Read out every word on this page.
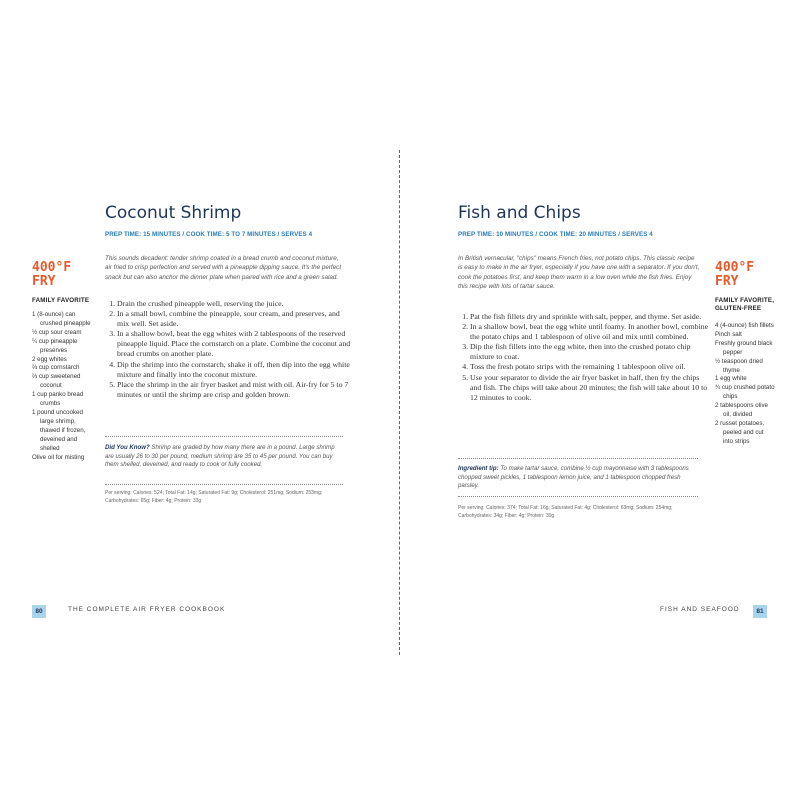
Coconut Shrimp
PREP TIME: 15 MINUTES / COOK TIME: 5 TO 7 MINUTES / SERVES 4

This sounds decadent: tender shrimp coated in a bread crumb and coconut mixture, air fried to crisp perfection and served with a pineapple dipping sauce. It's the perfect snack but can also anchor the dinner plate when paired with rice and a green salad.

400°F
FRY
FAMILY FAVORITE
1 (8-ounce) can crushed pineapple
½ cup sour cream
¼ cup pineapple preserves
2 egg whites
⅔ cup cornstarch
⅔ cup sweetened coconut
1 cup panko bread crumbs
1 pound uncooked large shrimp, thawed if frozen, deveined and shelled
Olive oil for misting
1. Drain the crushed pineapple well, reserving the juice.
2. In a small bowl, combine the pineapple, sour cream, and preserves, and mix well. Set aside.
3. In a shallow bowl, beat the egg whites with 2 tablespoons of the reserved pineapple liquid. Place the cornstarch on a plate. Combine the coconut and bread crumbs on another plate.
4. Dip the shrimp into the cornstarch, shake it off, then dip into the egg white mixture and finally into the coconut mixture.
5. Place the shrimp in the air fryer basket and mist with oil. Air-fry for 5 to 7 minutes or until the shrimp are crisp and golden brown.

Did You Know? Shrimp are graded by how many there are in a pound. Large shrimp are usually 26 to 30 per pound, medium shrimp are 35 to 45 per pound. You can buy them shelled, deveined, and ready to cook or fully cooked.

Per serving: Calories: 524; Total Fat: 14g; Saturated Fat: 9g; Cholesterol: 251mg; Sodium: 253mg; Carbohydrates: 65g; Fiber: 4g; Protein: 33g

80	THE COMPLETE AIR FRYER COOKBOOK
Fish and Chips
PREP TIME: 10 MINUTES / COOK TIME: 20 MINUTES / SERVES 4

In British vernacular, "chips" means French fries, not potato chips. This classic recipe is easy to make in the air fryer, especially if you have one with a separator. If you don't, cook the potatoes first, and keep them warm in a low oven while the fish fries. Enjoy this recipe with lots of tartar sauce.

400°F
FRY
FAMILY FAVORITE, GLUTEN-FREE
4 (4-ounce) fish fillets
Pinch salt
Freshly ground black pepper
½ teaspoon dried thyme
1 egg white
¾ cup crushed potato chips
2 tablespoons olive oil, divided
2 russet potatoes, peeled and cut into strips
1. Pat the fish fillets dry and sprinkle with salt, pepper, and thyme. Set aside.
2. In a shallow bowl, beat the egg white until foamy. In another bowl, combine the potato chips and 1 tablespoon of olive oil and mix until combined.
3. Dip the fish fillets into the egg white, then into the crushed potato chip mixture to coat.
4. Toss the fresh potato strips with the remaining 1 tablespoon olive oil.
5. Use your separator to divide the air fryer basket in half, then fry the chips and fish. The chips will take about 20 minutes; the fish will take about 10 to 12 minutes to cook.

Ingredient tip: To make tartar sauce, combine ½ cup mayonnaise with 3 tablespoons chopped sweet pickles, 1 tablespoon lemon juice, and 1 tablespoon chopped fresh parsley.

Per serving: Calories: 374; Total Fat: 16g; Saturated Fat: 4g; Cholesterol: 63mg; Sodium: 254mg; Carbohydrates: 34g; Fiber: 4g; Protein: 30g

FISH AND SEAFOOD	81
